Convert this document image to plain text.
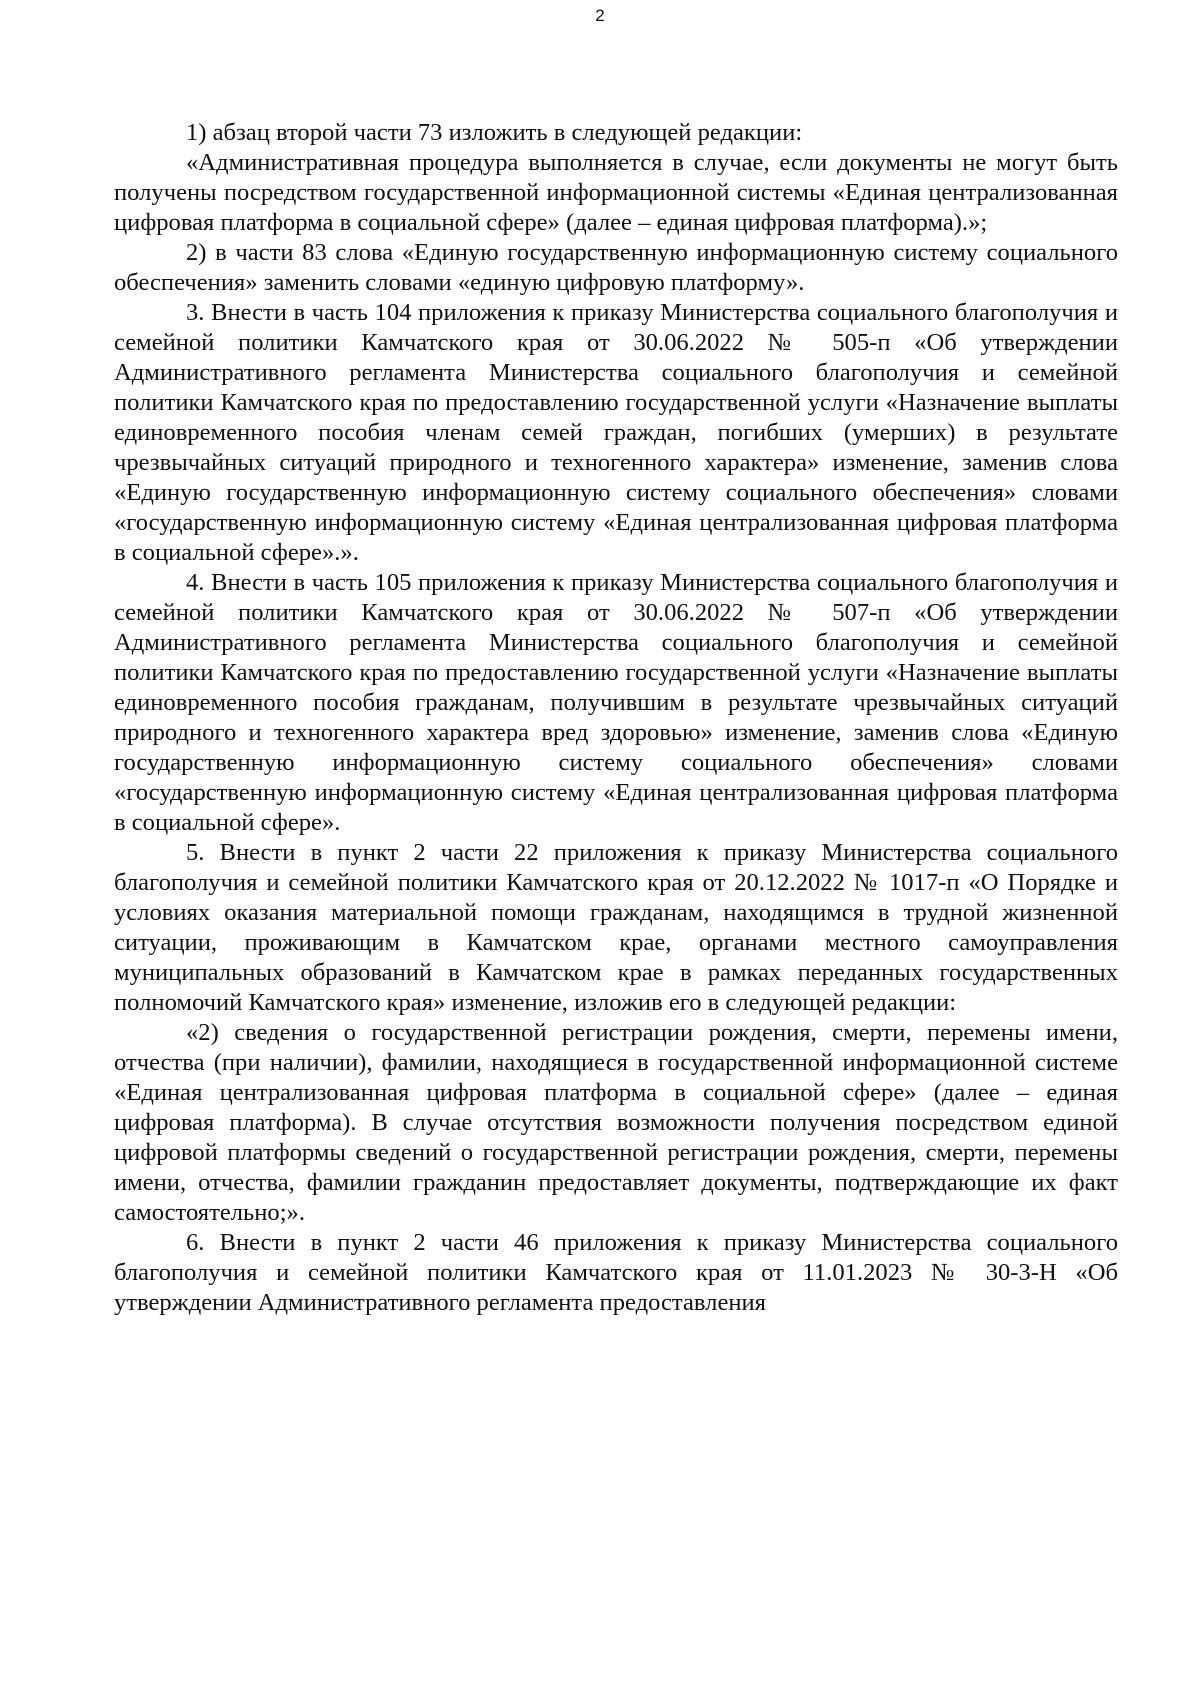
2

1) абзац второй части 73 изложить в следующей редакции:

«Административная процедура выполняется в случае, если документы не могут быть получены посредством государственной информационной системы «Единая централизованная цифровая платформа в социальной сфере» (далее – единая цифровая платформа).»;

2) в части 83 слова «Единую государственную информационную систему социального обеспечения» заменить словами «единую цифровую платформу».

3. Внести в часть 104 приложения к приказу Министерства социального благополучия и семейной политики Камчатского края от 30.06.2022 № 505-п «Об утверждении Административного регламента Министерства социального благополучия и семейной политики Камчатского края по предоставлению государственной услуги «Назначение выплаты единовременного пособия членам семей граждан, погибших (умерших) в результате чрезвычайных ситуаций природного и техногенного характера» изменение, заменив слова «Единую государственную информационную систему социального обеспечения» словами «государственную информационную систему «Единая централизованная цифровая платформа в социальной сфере».».

4. Внести в часть 105 приложения к приказу Министерства социального благополучия и семейной политики Камчатского края от 30.06.2022 № 507-п «Об утверждении Административного регламента Министерства социального благополучия и семейной политики Камчатского края по предоставлению государственной услуги «Назначение выплаты единовременного пособия гражданам, получившим в результате чрезвычайных ситуаций природного и техногенного характера вред здоровью» изменение, заменив слова «Единую государственную информационную систему социального обеспечения» словами «государственную информационную систему «Единая централизованная цифровая платформа в социальной сфере».

5. Внести в пункт 2 части 22 приложения к приказу Министерства социального благополучия и семейной политики Камчатского края от 20.12.2022 № 1017-п «О Порядке и условиях оказания материальной помощи гражданам, находящимся в трудной жизненной ситуации, проживающим в Камчатском крае, органами местного самоуправления муниципальных образований в Камчатском крае в рамках переданных государственных полномочий Камчатского края» изменение, изложив его в следующей редакции:

«2) сведения о государственной регистрации рождения, смерти, перемены имени, отчества (при наличии), фамилии, находящиеся в государственной информационной системе «Единая централизованная цифровая платформа в социальной сфере» (далее – единая цифровая платформа). В случае отсутствия возможности получения посредством единой цифровой платформы сведений о государственной регистрации рождения, смерти, перемены имени, отчества, фамилии гражданин предоставляет документы, подтверждающие их факт самостоятельно;».

6. Внести в пункт 2 части 46 приложения к приказу Министерства социального благополучия и семейной политики Камчатского края от 11.01.2023 № 30-3-Н «Об утверждении Административного регламента предоставления
